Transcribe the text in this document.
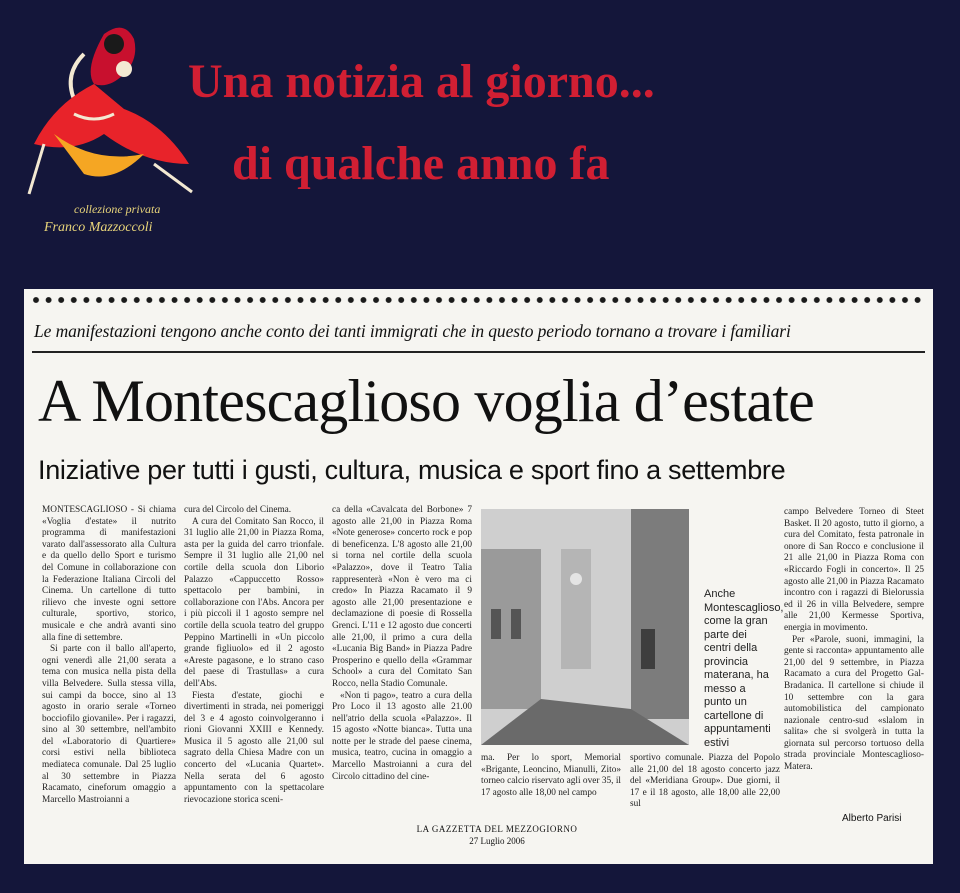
collezione privata
Franco Mazzoccoli
Una notizia al giorno...
di qualche anno fa
Le manifestazioni tengono anche conto dei tanti immigrati che in questo periodo tornano a trovare i familiari
A Montescaglioso voglia d’estate
Iniziative per tutti i gusti, cultura, musica e sport fino a settembre

MONTESCAGLIOSO - Si chiama «Voglia d'estate» il nutrito programma di manifestazioni varato dall'assessorato alla Cultura e da quello dello Sport e turismo del Comune in collaborazione con la Federazione Italiana Circoli del Cinema. Un cartellone di tutto rilievo che investe ogni settore culturale, sportivo, storico, musicale e che andrà avanti sino alla fine di settembre.

Si parte con il ballo all'aperto, ogni venerdì alle 21,00 serata a tema con musica nella pista della villa Belvedere. Sulla stessa villa, sui campi da bocce, sino al 13 agosto in orario serale «Torneo bocciofilo giovanile». Per i ragazzi, sino al 30 settembre, nell'ambito del «Laboratorio di Quartiere» corsi estivi nella biblioteca mediateca comunale. Dal 25 luglio al 30 settembre in Piazza Racamato, cineforum omaggio a Marcello Mastroianni a

cura del Circolo del Cinema.

A cura del Comitato San Rocco, il 31 luglio alle 21,00 in Piazza Roma, asta per la guida del carro trionfale. Sempre il 31 luglio alle 21,00 nel cortile della scuola don Liborio Palazzo «Cappuccetto Rosso» spettacolo per bambini, in collaborazione con l'Abs. Ancora per i più piccoli il 1 agosto sempre nel cortile della scuola teatro del gruppo Peppino Martinelli in «Un piccolo grande figliuolo» ed il 2 agosto «Areste pagasone, e lo strano caso del paese di Trastullas» a cura dell'Abs.

Fiesta d'estate, giochi e divertimenti in strada, nei pomeriggi del 3 e 4 agosto coinvolgeranno i rioni Giovanni XXIII e Kennedy. Musica il 5 agosto alle 21,00 sul sagrato della Chiesa Madre con un concerto del «Lucania Quartet». Nella serata del 6 agosto appuntamento con la spettacolare rievocazione storica sceni-

ca della «Cavalcata del Borbone» 7 agosto alle 21,00 in Piazza Roma «Note generose» concerto rock e pop di beneficenza. L'8 agosto alle 21,00 si torna nel cortile della scuola «Palazzo», dove il Teatro Talia rappresenterà «Non è vero ma ci credo» In Piazza Racamato il 9 agosto alle 21,00 presentazione e declamazione di poesie di Rossella Grenci. L'11 e 12 agosto due concerti alle 21,00, il primo a cura della «Lucania Big Band» in Piazza Padre Prosperino e quello della «Grammar School» a cura del Comitato San Rocco, nella Stadio Comunale.

«Non ti pago», teatro a cura della Pro Loco il 13 agosto alle 21.00 nell'atrio della scuola «Palazzo». Il 15 agosto «Notte bianca». Tutta una notte per le strade del paese cinema, musica, teatro, cucina in omaggio a Marcello Mastroianni a cura del Circolo cittadino del cine-

Anche Montescaglioso, come la gran parte dei centri della provincia materana, ha messo a punto un cartellone di appuntamenti estivi
ma. Per lo sport, Memorial «Brigante, Leoncino, Mianulli, Zito» torneo calcio riservato agli over 35, il 17 agosto alle 18,00 nel campo
sportivo comunale. Piazza del Popolo alle 21,00 del 18 agosto concerto jazz del «Meridiana Group». Due giorni, il 17 e il 18 agosto, alle 18,00 alle 22,00 sul

campo Belvedere Torneo di Steet Basket. Il 20 agosto, tutto il giorno, a cura del Comitato, festa patronale in onore di San Rocco e conclusione il 21 alle 21,00 in Piazza Roma con «Riccardo Fogli in concerto». Il 25 agosto alle 21,00 in Piazza Racamato incontro con i ragazzi di Bielorussia ed il 26 in villa Belvedere, sempre alle 21,00 Kermesse Sportiva, energia in movimento.

Per «Parole, suoni, immagini, la gente si racconta» appuntamento alle 21,00 del 9 settembre, in Piazza Racamato a cura del Progetto Gal-Bradanica. Il cartellone si chiude il 10 settembre con la gara automobilistica del campionato nazionale centro-sud «slalom in salita» che si svolgerà in tutta la giornata sul percorso tortuoso della strada provinciale Montescaglioso-Matera.

Alberto Parisi
LA GAZZETTA DEL MEZZOGIORNO
27 Luglio 2006
